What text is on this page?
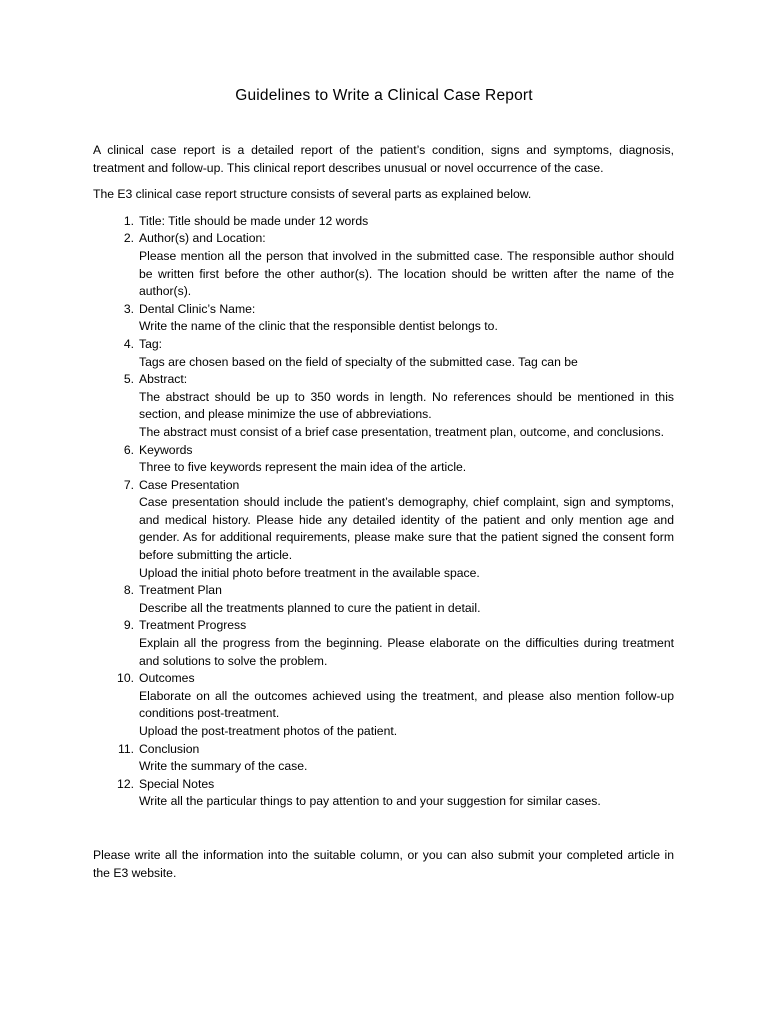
Guidelines to Write a Clinical Case Report

A clinical case report is a detailed report of the patient’s condition, signs and symptoms, diagnosis, treatment and follow-up. This clinical report describes unusual or novel occurrence of the case.

The E3 clinical case report structure consists of several parts as explained below.

1. Title: Title should be made under 12 words
2. Author(s) and Location:
Please mention all the person that involved in the submitted case. The responsible author should be written first before the other author(s). The location should be written after the name of the author(s).
3. Dental Clinic’s Name:
Write the name of the clinic that the responsible dentist belongs to.
4. Tag:
Tags are chosen based on the field of specialty of the submitted case. Tag can be
5. Abstract:
The abstract should be up to 350 words in length. No references should be mentioned in this section, and please minimize the use of abbreviations.
The abstract must consist of a brief case presentation, treatment plan, outcome, and conclusions.
6. Keywords
Three to five keywords represent the main idea of the article.
7. Case Presentation
Case presentation should include the patient’s demography, chief complaint, sign and symptoms, and medical history. Please hide any detailed identity of the patient and only mention age and gender. As for additional requirements, please make sure that the patient signed the consent form before submitting the article.
Upload the initial photo before treatment in the available space.
8. Treatment Plan
Describe all the treatments planned to cure the patient in detail.
9. Treatment Progress
Explain all the progress from the beginning. Please elaborate on the difficulties during treatment and solutions to solve the problem.
10. Outcomes
Elaborate on all the outcomes achieved using the treatment, and please also mention follow-up conditions post-treatment.
Upload the post-treatment photos of the patient.
11. Conclusion
Write the summary of the case.
12. Special Notes
Write all the particular things to pay attention to and your suggestion for similar cases.

Please write all the information into the suitable column, or you can also submit your completed article in the E3 website.
